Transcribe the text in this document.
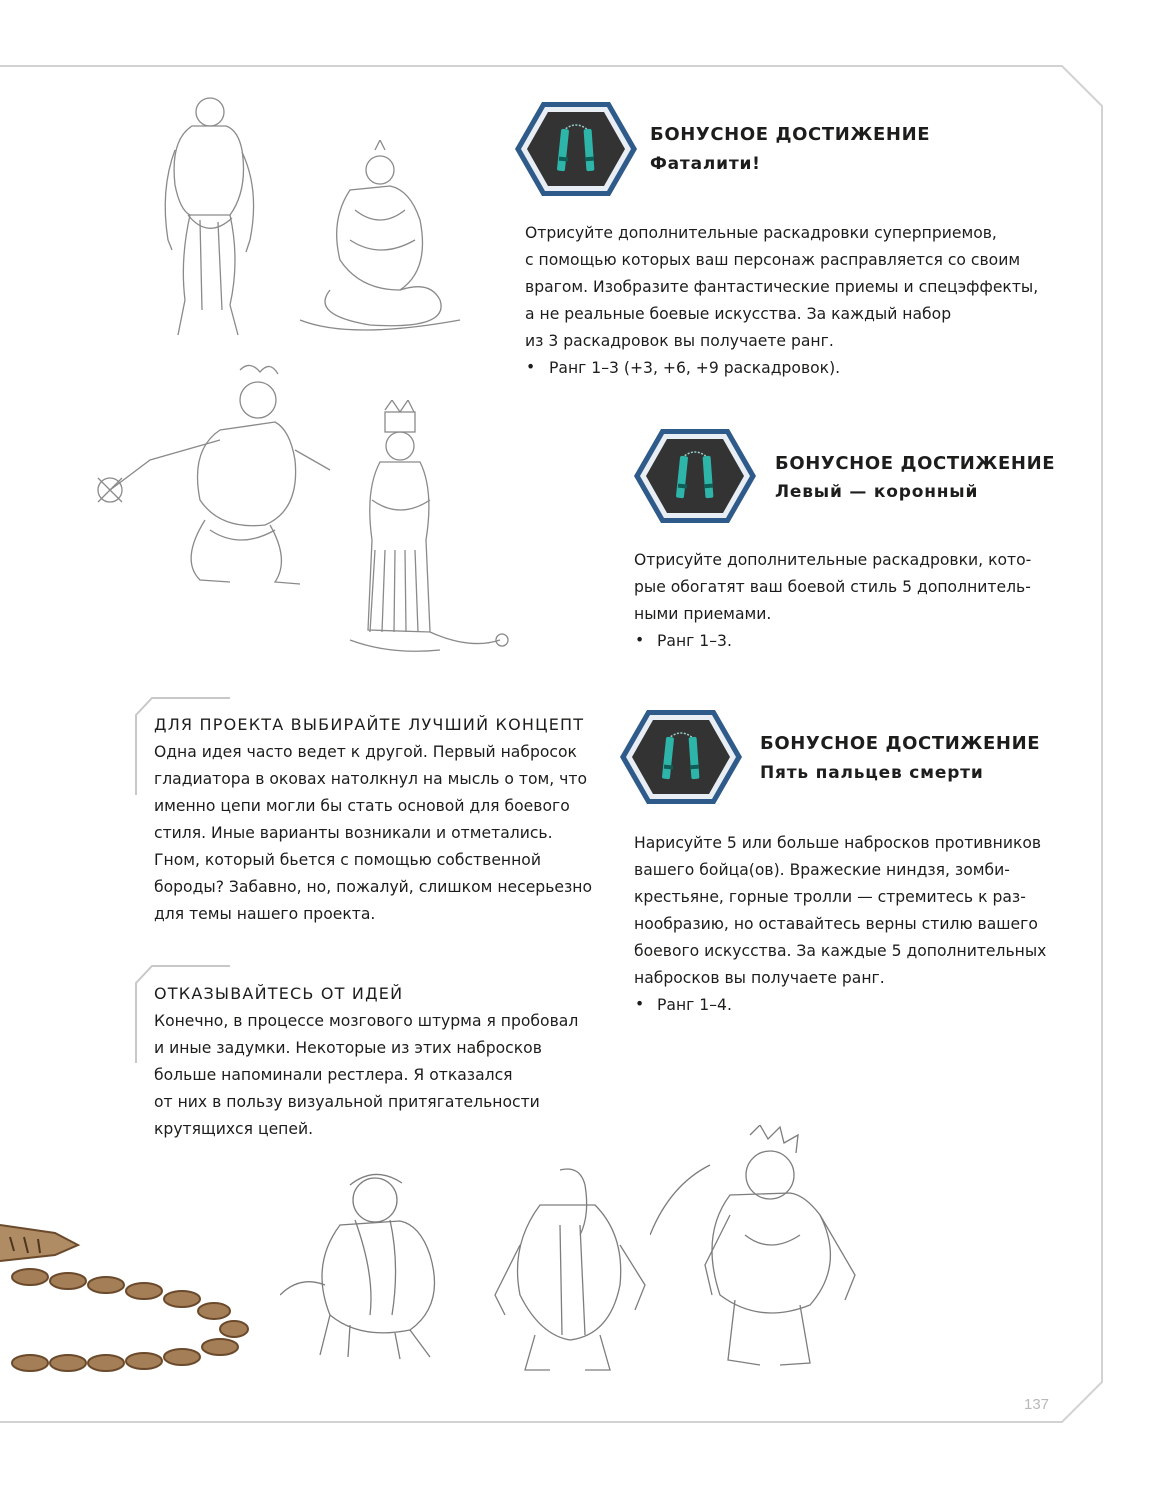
БОНУСНОЕ ДОСТИЖЕНИЕ
Фаталити!
Отрисуйте дополнительные раскадровки суперприемов,
с помощью которых ваш персонаж расправляется со своим
врагом. Изобразите фантастические приемы и спецэффекты,
а не реальные боевые искусства. За каждый набор
из 3 раскадровок вы получаете ранг.
• Ранг 1–3 (+3, +6, +9 раскадровок).
БОНУСНОЕ ДОСТИЖЕНИЕ
Левый — коронный
Отрисуйте дополнительные раскадровки, кото-
рые обогатят ваш боевой стиль 5 дополнитель-
ными приемами.
• Ранг 1–3.
БОНУСНОЕ ДОСТИЖЕНИЕ
Пять пальцев смерти
Нарисуйте 5 или больше набросков противников
вашего бойца(ов). Вражеские ниндзя, зомби-
крестьяне, горные тролли — стремитесь к раз-
нообразию, но оставайтесь верны стилю вашего
боевого искусства. За каждые 5 дополнительных
набросков вы получаете ранг.
• Ранг 1–4.
ДЛЯ ПРОЕКТА ВЫБИРАЙТЕ ЛУЧШИЙ КОНЦЕПТ
Одна идея часто ведет к другой. Первый набросок
гладиатора в оковах натолкнул на мысль о том, что
именно цепи могли бы стать основой для боевого
стиля. Иные варианты возникали и отметались.
Гном, который бьется с помощью собственной
бороды? Забавно, но, пожалуй, слишком несерьезно
для темы нашего проекта.
ОТКАЗЫВАЙТЕСЬ ОТ ИДЕЙ
Конечно, в процессе мозгового штурма я пробовал
и иные задумки. Некоторые из этих набросков
больше напоминали рестлера. Я отказался
от них в пользу визуальной притягательности
крутящихся цепей.
137
